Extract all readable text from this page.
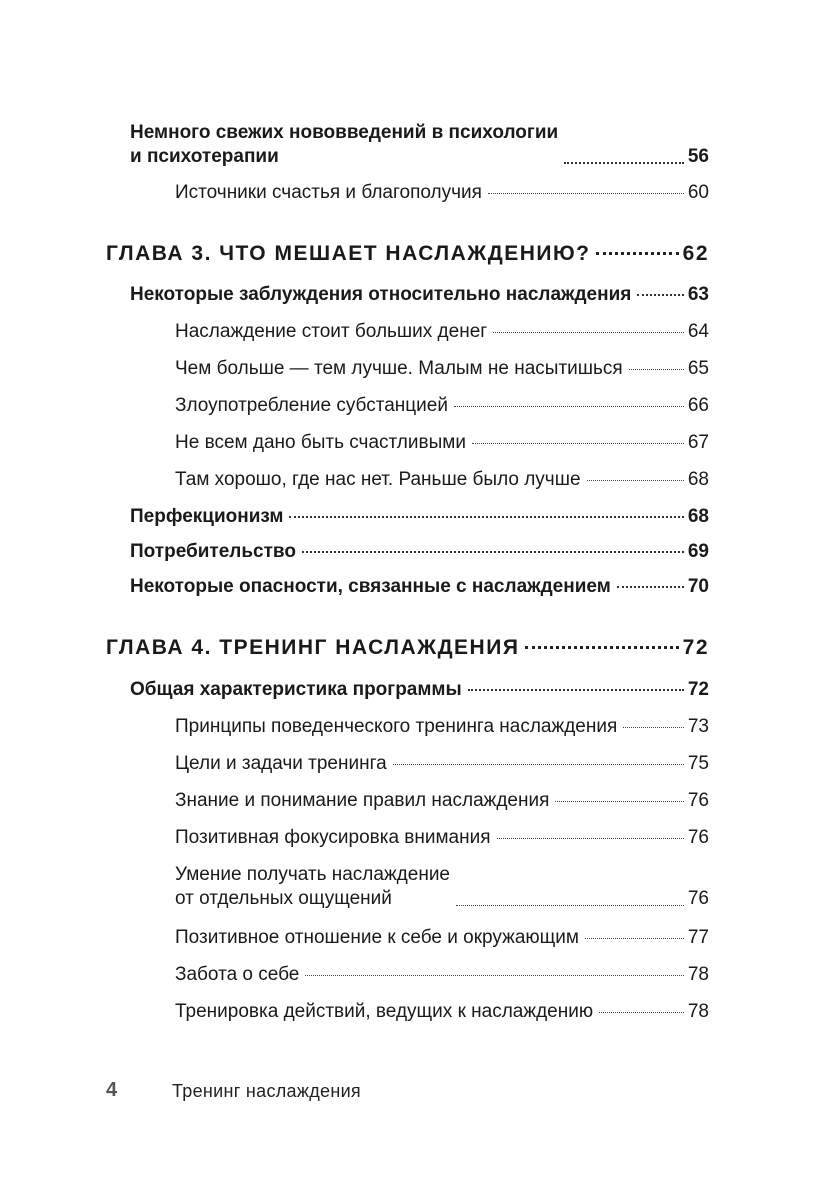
Немного свежих нововведений в психологии
и психотерапии	56
Источники счастья и благополучия	60
ГЛАВА 3. ЧТО МЕШАЕТ НАСЛАЖДЕНИЮ?	62
Некоторые заблуждения относительно наслаждения	63
Наслаждение стоит больших денег	64
Чем больше — тем лучше. Малым не насытишься	65
Злоупотребление субстанцией	66
Не всем дано быть счастливыми	67
Там хорошо, где нас нет. Раньше было лучше	68
Перфекционизм	68
Потребительство	69
Некоторые опасности, связанные с наслаждением	70
ГЛАВА 4. ТРЕНИНГ НАСЛАЖДЕНИЯ	72
Общая характеристика программы	72
Принципы поведенческого тренинга наслаждения	73
Цели и задачи тренинга	75
Знание и понимание правил наслаждения	76
Позитивная фокусировка внимания	76
Умение получать наслаждение
от отдельных ощущений	76
Позитивное отношение к себе и окружающим	77
Забота о себе	78
Тренировка действий, ведущих к наслаждению	78
4	Тренинг наслаждения
